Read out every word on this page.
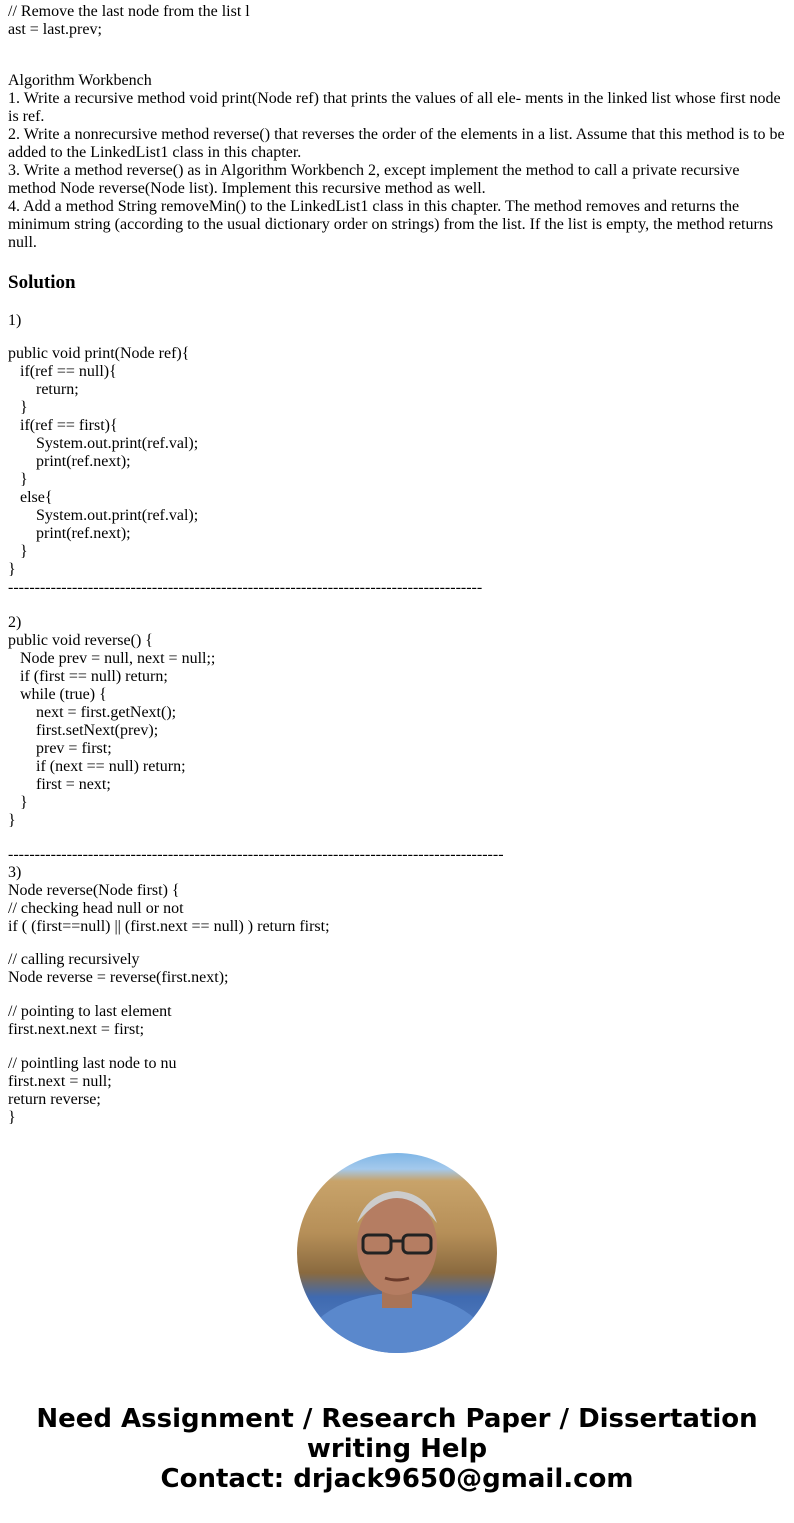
// Remove the last node from the list l
ast = last.prev;
Algorithm Workbench
1. Write a recursive method void print(Node ref) that prints the values of all ele- ments in the linked list whose first node is ref.
2. Write a nonrecursive method reverse() that reverses the order of the elements in a list. Assume that this method is to be added to the LinkedList1 class in this chapter.
3. Write a method reverse() as in Algorithm Workbench 2, except implement the method to call a private recursive method Node reverse(Node list). Implement this recursive method as well.
4. Add a method String removeMin() to the LinkedList1 class in this chapter. The method removes and returns the minimum string (according to the usual dictionary order on strings) from the list. If the list is empty, the method returns null.
Solution
1)
public void print(Node ref){
if(ref == null){
return;
}
if(ref == first){
System.out.print(ref.val);
print(ref.next);
}
else{
System.out.print(ref.val);
print(ref.next);
}
}
-----------------------------------------------------------------------------------------
2)
public void reverse() {
Node prev = null, next = null;;
if (first == null) return;
while (true) {
next = first.getNext();
first.setNext(prev);
prev = first;
if (next == null) return;
first = next;
}
}
---------------------------------------------------------------------------------------------
3)
Node reverse(Node first) {
// checking head null or not
if ( (first==null) || (first.next == null) ) return first;
// calling recursively
Node reverse = reverse(first.next);
// pointing to last element
first.next.next = first;
// pointling last node to nu
first.next = null;
return reverse;
}
Need Assignment / Research Paper / Dissertation
writing Help
Contact: drjack9650@gmail.com
